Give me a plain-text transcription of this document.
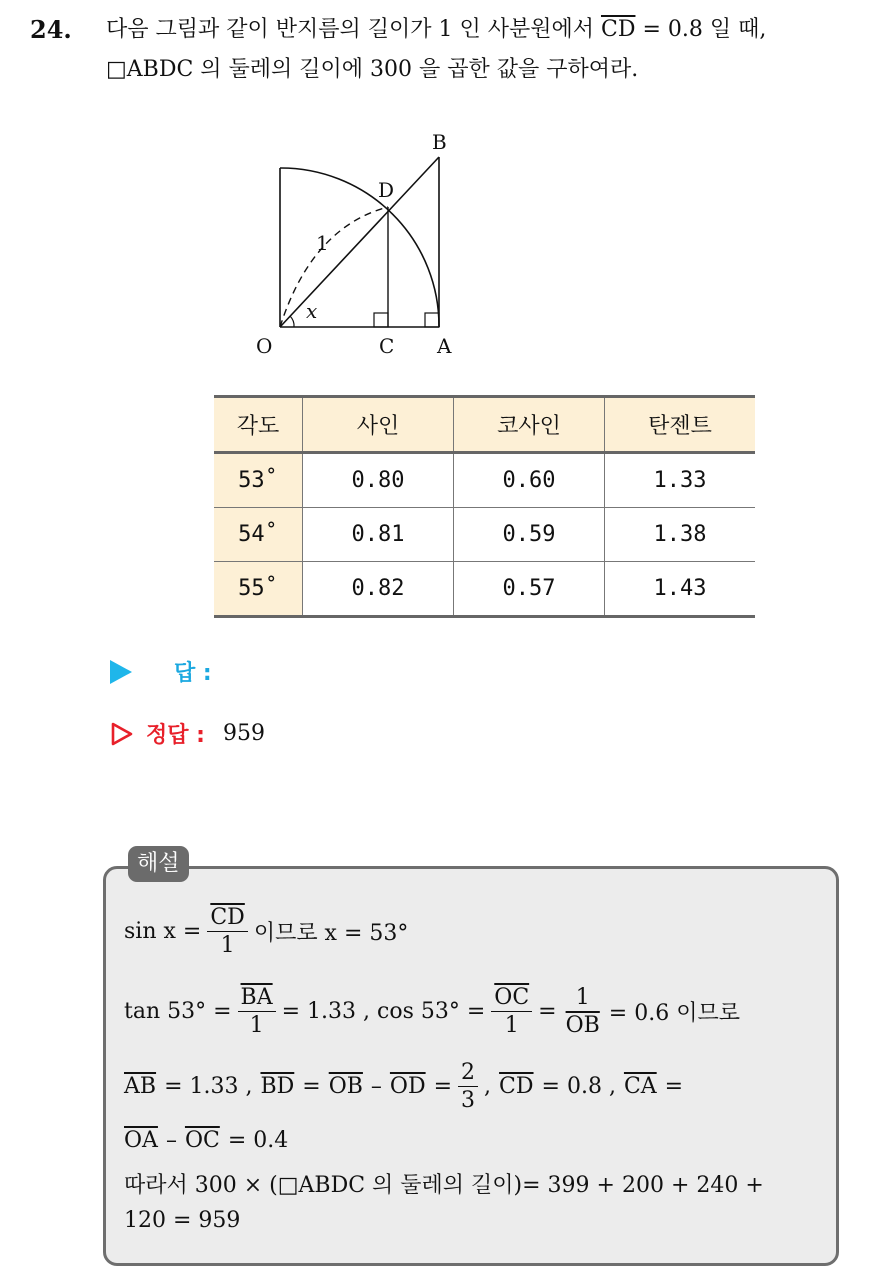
24. 다음 그림과 같이 반지름의 길이가 1 인 사분원에서 $\overline{CD} = 0.8$ 일 때,
□ABDC 의 둘레의 길이에 300 을 곱한 값을 구하여라.
B
D
O	C A
1
x
각도	사인	코사인	탄젠트
53˚	0.80	0.60	1.33
54˚	0.81	0.59	1.38
55˚	0.82	0.57	1.43
답 :
정답 : 959
해설
$\sin x = \frac{\overline{CD}}{1}$ 이므로 x = 53°
$\tan 53^\circ = \frac{\overline{BA}}{1} = 1.33$ , $\cos 53^\circ = \frac{\overline{OC}}{1} = \frac{1}{OB} = 0.6$ 이므로
$\overline{AB} = 1.33$ , $\overline{BD} = \overline{OB} - \overline{OD} = \frac{2}{3}$ , $\overline{CD} = 0.8$ , $\overline{CA}$ =
$\overline{OA} - \overline{OC} = 0.4$
따라서 300 × (□ABDC 의 둘레의 길이)= 399 + 200 + 240 +
120 = 959
